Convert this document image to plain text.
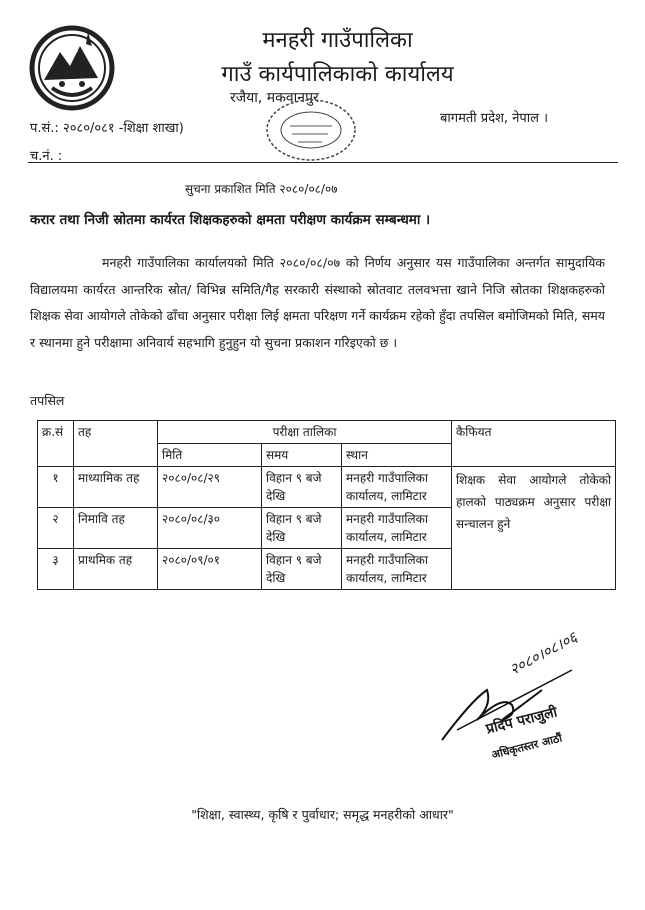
मनहरी गाउँपालिका
गाउँ कार्यपालिकाको कार्यालय
रजैया, मकवानपुर
प.सं.: २०८०/०८१ -शिक्षा शाखा)
बागमती प्रदेश, नेपाल ।
च.नं. :
सुचना प्रकाशित मिति २०८०/०८/०७
करार तथा निजी स्रोतमा कार्यरत शिक्षकहरुको क्षमता परीक्षण कार्यक्रम सम्बन्धमा ।
मनहरी गाउँपालिका कार्यालयको मिति २०८०/०८/०७ को निर्णय अनुसार यस गाउँपालिका अन्तर्गत सामुदायिक विद्यालयमा कार्यरत आन्तरिक स्रोत/ विभिन्न समिति/गैह सरकारी संस्थाको स्रोतवाट तलवभत्ता खाने निजि स्रोतका शिक्षकहरुको शिक्षक सेवा आयोगले तोकेको ढाँचा अनुसार परीक्षा लिई क्षमता परिक्षण गर्ने कार्यक्रम रहेको हुँदा तपसिल बमोजिमको मिति, समय र स्थानमा हुने परीक्षामा अनिवार्य सहभागि हुनुहुन यो सुचना प्रकाशन गरिइएको छ ।
तपसिल
क्र.सं	तह	परीक्षा तालिका			कैफियत
		मिति	समय	स्थान	
१	माध्यामिक तह	२०८०/०८/२९	विहान ९ बजे देखि	मनहरी गाउँपालिका कार्यालय, लामिटार	शिक्षक सेवा आयोगले तोकेको हालको पाठ्यक्रम अनुसार परीक्षा सन्चालन हुने
२	निमावि तह	२०८०/०८/३०	विहान ९ बजे देखि	मनहरी गाउँपालिका कार्यालय, लामिटार	
३	प्राथमिक तह	२०८०/०९/०१	विहान ९ बजे देखि	मनहरी गाउँपालिका कार्यालय, लामिटार	
२०८०।०८।०६
प्रदिप पराजुली
अधिकृतस्तर आठौं
"शिक्षा, स्वास्थ्य, कृषि र पुर्वाधार; समृद्ध मनहरीको आधार"
